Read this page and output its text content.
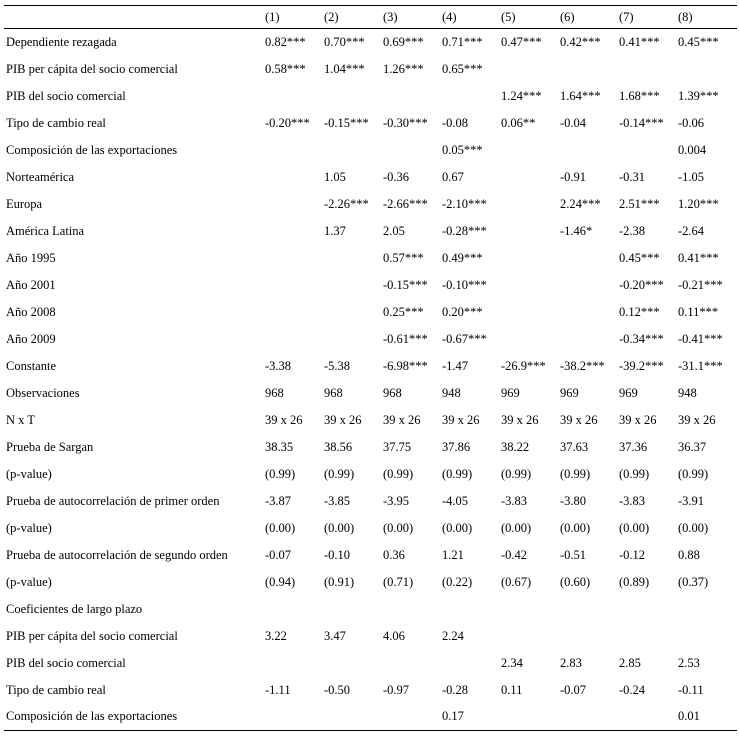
	(1)	(2)	(3)	(4)	(5)	(6)	(7)	(8)
Dependiente rezagada	0.82***	0.70***	0.69***	0.71***	0.47***	0.42***	0.41***	0.45***
PIB per cápita del socio comercial	0.58***	1.04***	1.26***	0.65***				
PIB del socio comercial					1.24***	1.64***	1.68***	1.39***
Tipo de cambio real	-0.20***	-0.15***	-0.30***	-0.08	0.06**	-0.04	-0.14***	-0.06
Composición de las exportaciones				0.05***				0.004
Norteamérica		1.05	-0.36	0.67		-0.91	-0.31	-1.05
Europa		-2.26***	-2.66***	-2.10***		2.24***	2.51***	1.20***
América Latina		1.37	2.05	-0.28***		-1.46*	-2.38	-2.64
Año 1995			0.57***	0.49***			0.45***	0.41***
Año 2001			-0.15***	-0.10***			-0.20***	-0.21***
Año 2008			0.25***	0.20***			0.12***	0.11***
Año 2009			-0.61***	-0.67***			-0.34***	-0.41***
Constante	-3.38	-5.38	-6.98***	-1.47	-26.9***	-38.2***	-39.2***	-31.1***
Observaciones	968	968	968	948	969	969	969	948
N x T	39 x 26	39 x 26	39 x 26	39 x 26	39 x 26	39 x 26	39 x 26	39 x 26
Prueba de Sargan	38.35	38.56	37.75	37.86	38.22	37.63	37.36	36.37
(p-value)	(0.99)	(0.99)	(0.99)	(0.99)	(0.99)	(0.99)	(0.99)	(0.99)
Prueba de autocorrelación de primer orden	-3.87	-3.85	-3.95	-4.05	-3.83	-3.80	-3.83	-3.91
(p-value)	(0.00)	(0.00)	(0.00)	(0.00)	(0.00)	(0.00)	(0.00)	(0.00)
Prueba de autocorrelación de segundo orden	-0.07	-0.10	0.36	1.21	-0.42	-0.51	-0.12	0.88
(p-value)	(0.94)	(0.91)	(0.71)	(0.22)	(0.67)	(0.60)	(0.89)	(0.37)
Coeficientes de largo plazo								
PIB per cápita del socio comercial	3.22	3.47	4.06	2.24				
PIB del socio comercial					2.34	2.83	2.85	2.53
Tipo de cambio real	-1.11	-0.50	-0.97	-0.28	0.11	-0.07	-0.24	-0.11
Composición de las exportaciones				0.17				0.01
